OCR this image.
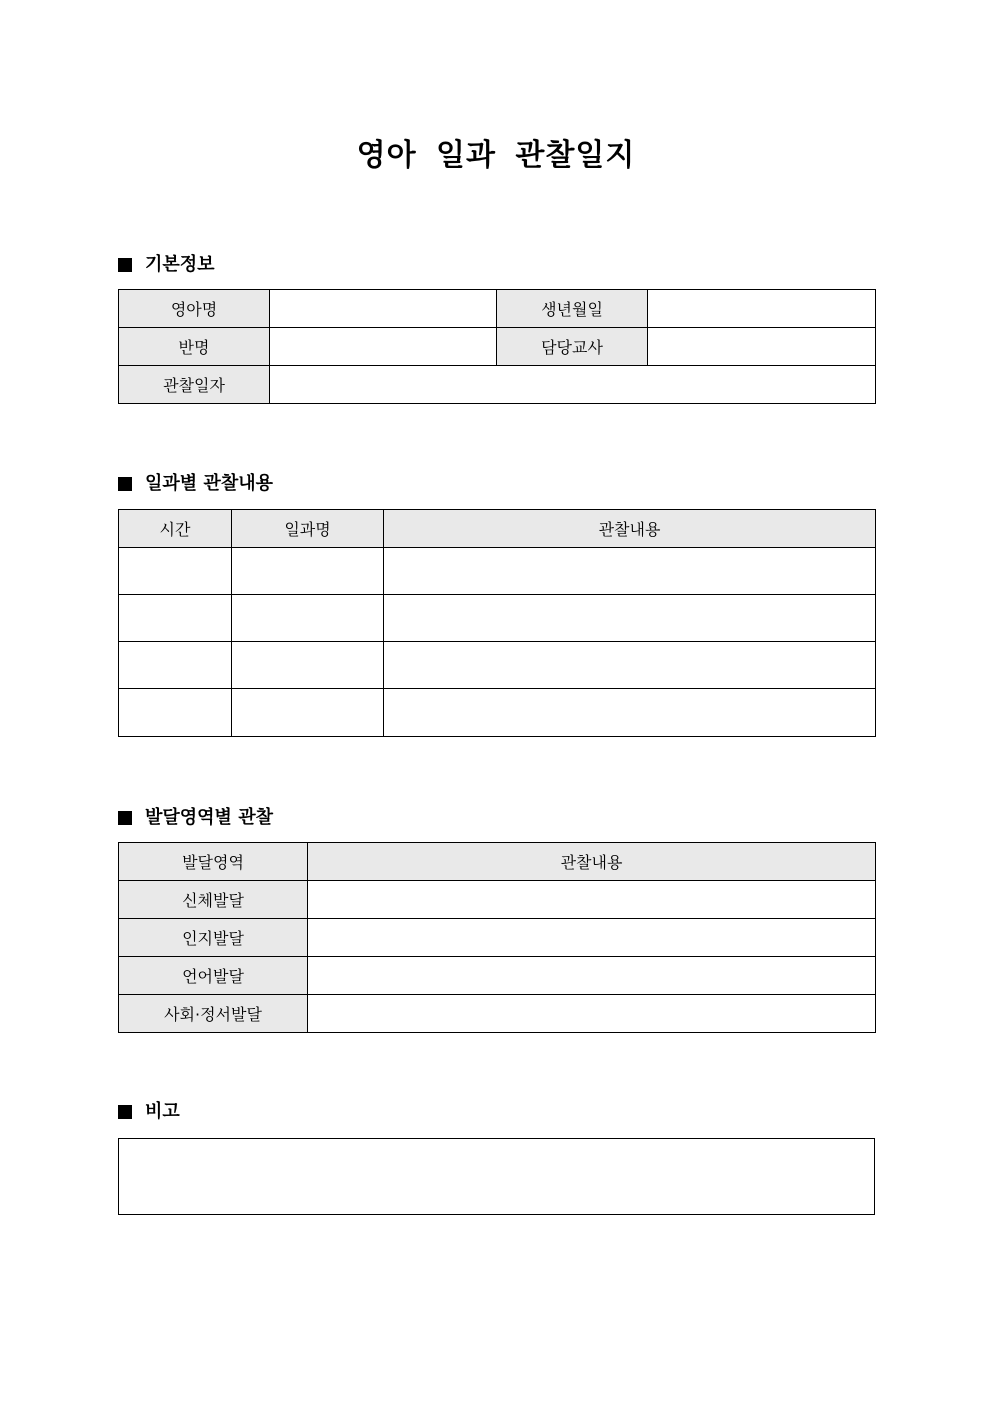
영아 일과 관찰일지
기본정보
영아명		생년월일	
반명		담당교사	
관찰일자			
일과별 관찰내용
시간	일과명	관찰내용

발달영역별 관찰
발달영역	관찰내용
신체발달	
인지발달	
언어발달	
사회·정서발달	
비고
